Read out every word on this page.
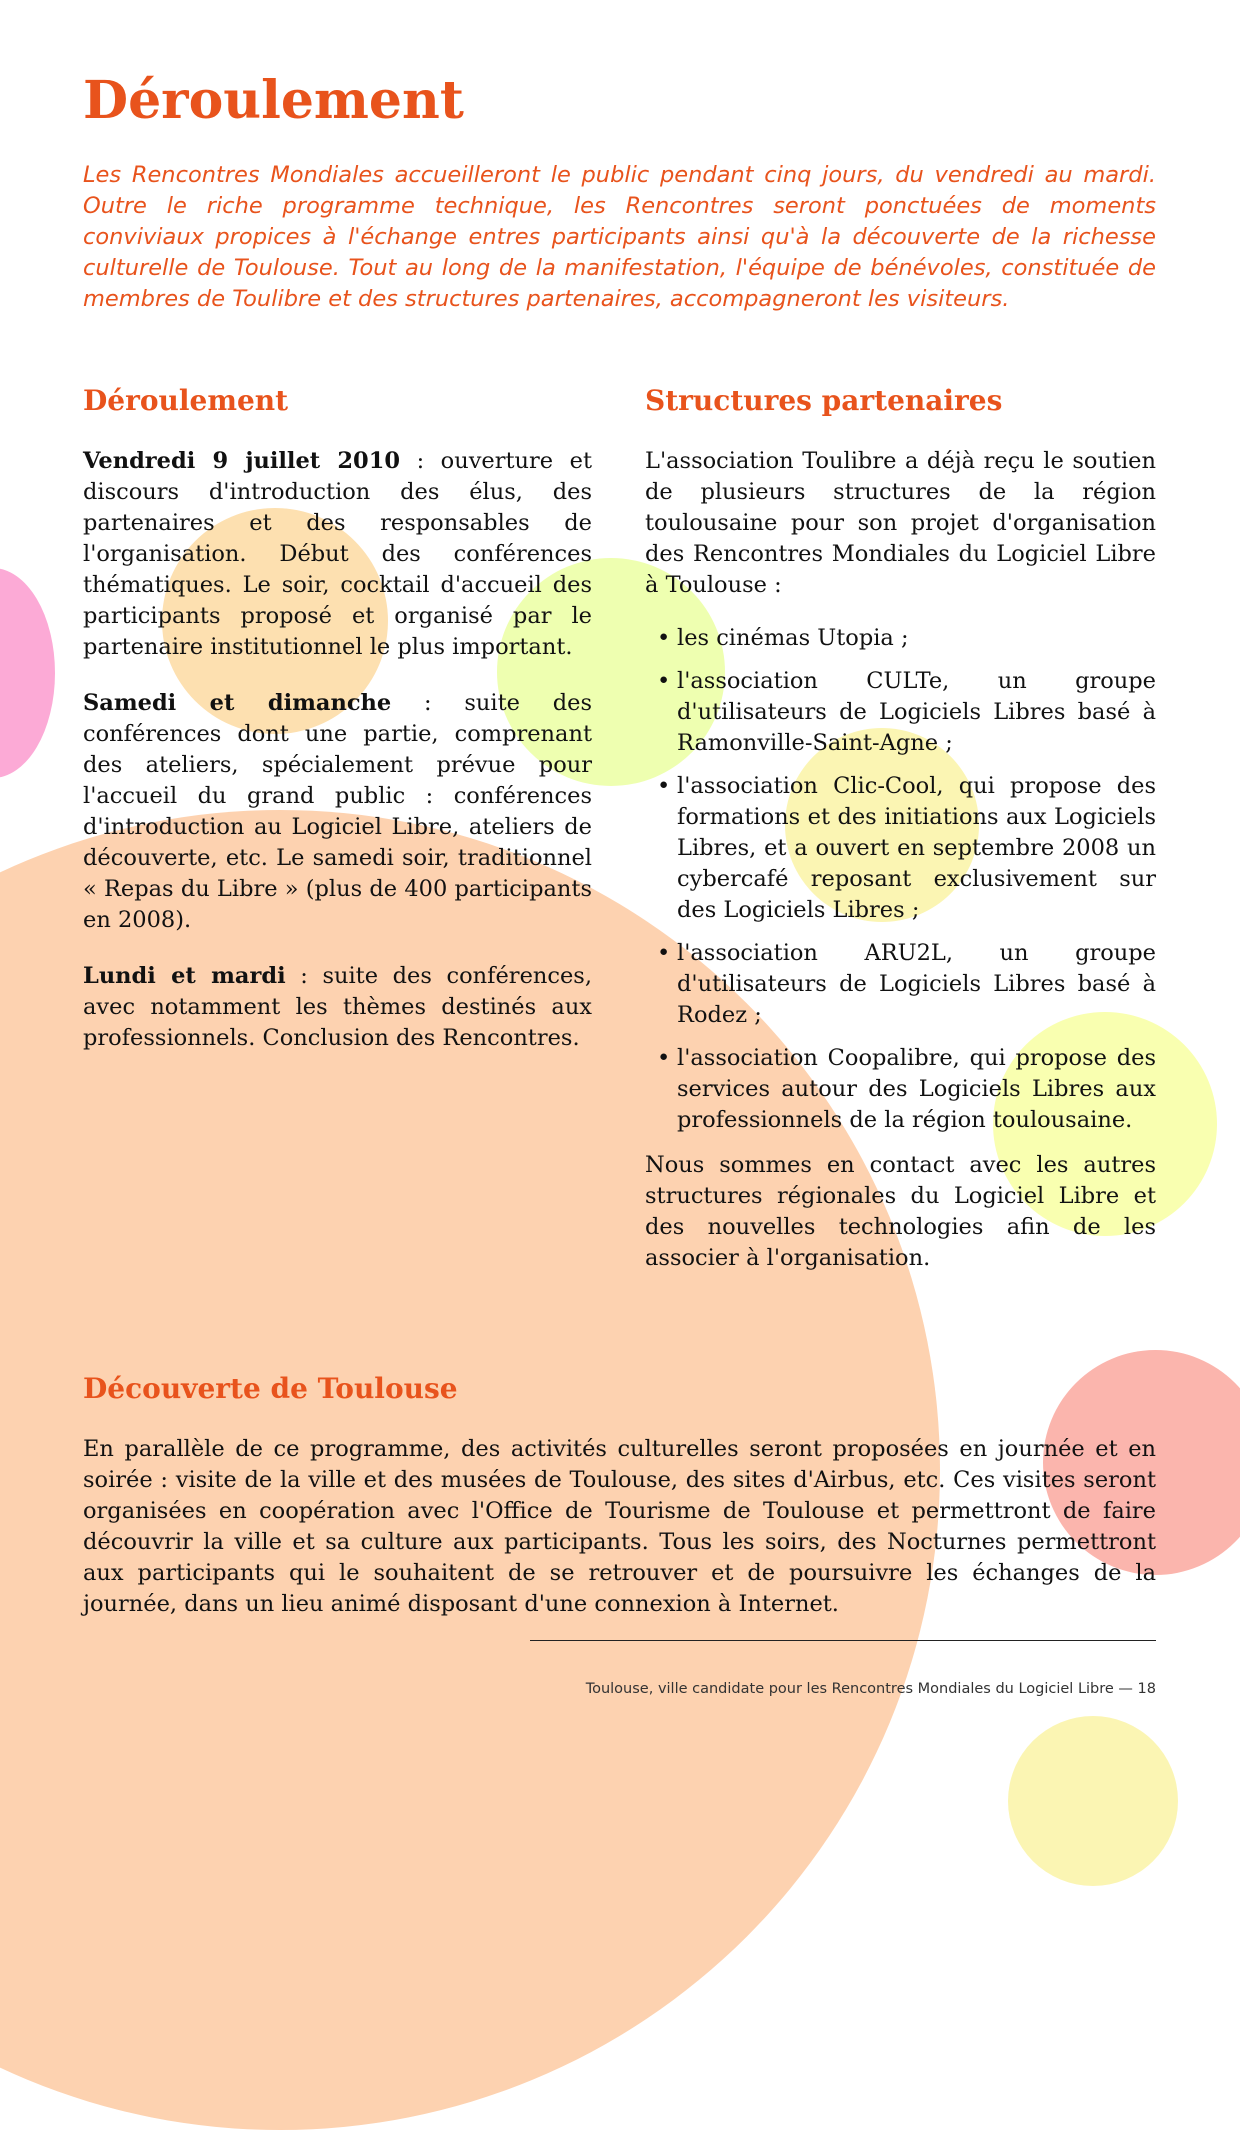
Déroulement

Les Rencontres Mondiales accueilleront le public pendant cinq jours, du vendredi au mardi. Outre le riche programme technique, les Rencontres seront ponctuées de moments conviviaux propices à l'échange entres participants ainsi qu'à la découverte de la richesse culturelle de Toulouse. Tout au long de la manifestation, l'équipe de bénévoles, constituée de membres de Toulibre et des structures partenaires, accompagneront les visiteurs.

Déroulement

Vendredi 9 juillet 2010 : ouverture et discours d'introduction des élus, des partenaires et des responsables de l'organisation. Début des conférences thématiques. Le soir, cocktail d'accueil des participants proposé et organisé par le partenaire institutionnel le plus important.

Samedi et dimanche : suite des conférences dont une partie, comprenant des ateliers, spécialement prévue pour l'accueil du grand public : conférences d'introduction au Logiciel Libre, ateliers de découverte, etc. Le samedi soir, traditionnel « Repas du Libre » (plus de 400 participants en 2008).

Lundi et mardi : suite des conférences, avec notamment les thèmes destinés aux professionnels. Conclusion des Rencontres.

Structures partenaires

L'association Toulibre a déjà reçu le soutien de plusieurs structures de la région toulousaine pour son projet d'organisation des Rencontres Mondiales du Logiciel Libre à Toulouse :

• les cinémas Utopia ;
• l'association CULTe, un groupe d'utilisateurs de Logiciels Libres basé à Ramonville-Saint-Agne ;
• l'association Clic-Cool, qui propose des formations et des initiations aux Logiciels Libres, et a ouvert en septembre 2008 un cybercafé reposant exclusivement sur des Logiciels Libres ;
• l'association ARU2L, un groupe d'utilisateurs de Logiciels Libres basé à Rodez ;
• l'association Coopalibre, qui propose des services autour des Logiciels Libres aux professionnels de la région toulousaine.

Nous sommes en contact avec les autres structures régionales du Logiciel Libre et des nouvelles technologies afin de les associer à l'organisation.

Découverte de Toulouse

En parallèle de ce programme, des activités culturelles seront proposées en journée et en soirée : visite de la ville et des musées de Toulouse, des sites d'Airbus, etc. Ces visites seront organisées en coopération avec l'Office de Tourisme de Toulouse et permettront de faire découvrir la ville et sa culture aux participants. Tous les soirs, des Nocturnes permettront aux participants qui le souhaitent de se retrouver et de poursuivre les échanges de la journée, dans un lieu animé disposant d'une connexion à Internet.

Toulouse, ville candidate pour les Rencontres Mondiales du Logiciel Libre — 18
